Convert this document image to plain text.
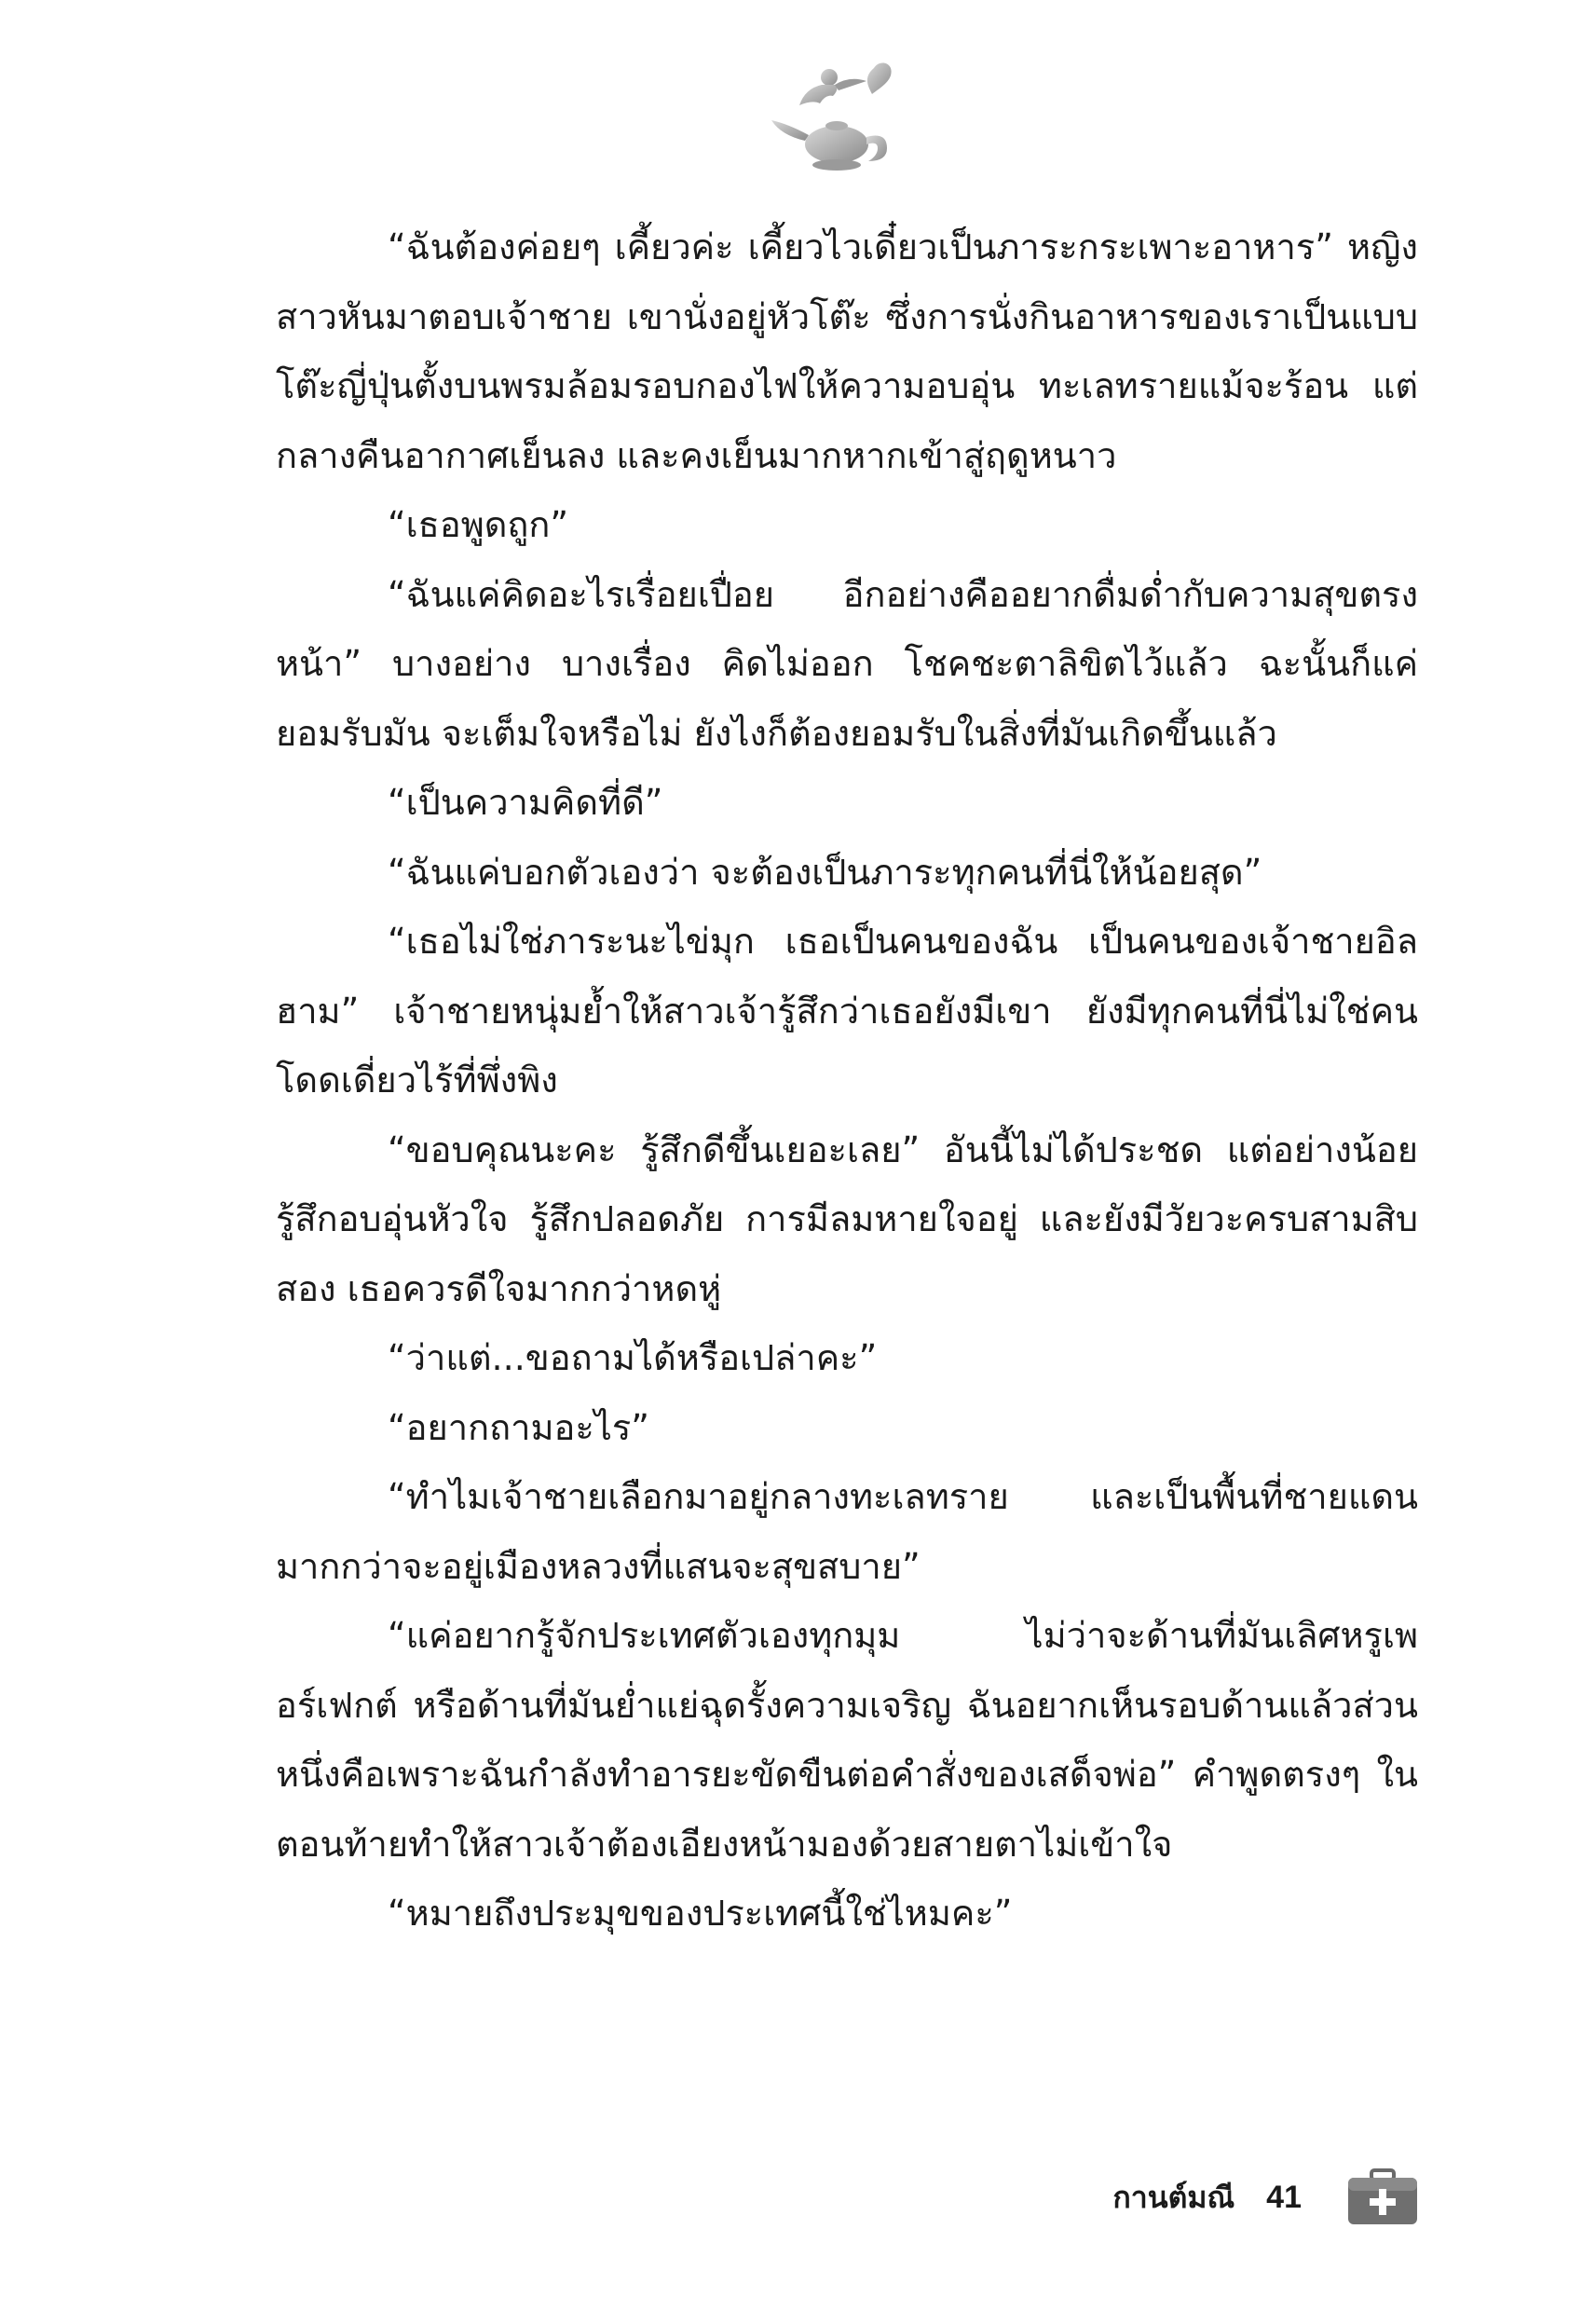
“ฉันต้องค่อยๆ เคี้ยวค่ะ เคี้ยวไวเดี๋ยวเป็นภาระกระเพาะอาหาร” หญิงสาวหันมาตอบเจ้าชาย เขานั่งอยู่หัวโต๊ะ ซึ่งการนั่งกินอาหารของเราเป็นแบบโต๊ะญี่ปุ่นตั้งบนพรมล้อมรอบกองไฟให้ความอบอุ่น ทะเลทรายแม้จะร้อน แต่กลางคืนอากาศเย็นลง และคงเย็นมากหากเข้าสู่ฤดูหนาว

“เธอพูดถูก”

“ฉันแค่คิดอะไรเรื่อยเปื่อย อีกอย่างคืออยากดื่มด่ำกับความสุขตรงหน้า” บางอย่าง บางเรื่อง คิดไม่ออก โชคชะตาลิขิตไว้แล้ว ฉะนั้นก็แค่ยอมรับมัน จะเต็มใจหรือไม่ ยังไงก็ต้องยอมรับในสิ่งที่มันเกิดขึ้นแล้ว

“เป็นความคิดที่ดี”

“ฉันแค่บอกตัวเองว่า จะต้องเป็นภาระทุกคนที่นี่ให้น้อยสุด”

“เธอไม่ใช่ภาระนะไข่มุก เธอเป็นคนของฉัน เป็นคนของเจ้าชายอิลฮาม” เจ้าชายหนุ่มย้ำให้สาวเจ้ารู้สึกว่าเธอยังมีเขา ยังมีทุกคนที่นี่ไม่ใช่คนโดดเดี่ยวไร้ที่พึ่งพิง

“ขอบคุณนะคะ รู้สึกดีขึ้นเยอะเลย” อันนี้ไม่ได้ประชด แต่อย่างน้อยรู้สึกอบอุ่นหัวใจ รู้สึกปลอดภัย การมีลมหายใจอยู่ และยังมีวัยวะครบสามสิบสอง เธอควรดีใจมากกว่าหดหู่

“ว่าแต่...ขอถามได้หรือเปล่าคะ”

“อยากถามอะไร”

“ทำไมเจ้าชายเลือกมาอยู่กลางทะเลทราย และเป็นพื้นที่ชายแดนมากกว่าจะอยู่เมืองหลวงที่แสนจะสุขสบาย”

“แค่อยากรู้จักประเทศตัวเองทุกมุม ไม่ว่าจะด้านที่มันเลิศหรูเพอร์เฟกต์ หรือด้านที่มันย่ำแย่ฉุดรั้งความเจริญ ฉันอยากเห็นรอบด้านแล้วส่วนหนึ่งคือเพราะฉันกำลังทำอารยะขัดขืนต่อคำสั่งของเสด็จพ่อ” คำพูดตรงๆ ในตอนท้ายทำให้สาวเจ้าต้องเอียงหน้ามองด้วยสายตาไม่เข้าใจ

“หมายถึงประมุขของประเทศนี้ใช่ไหมคะ”

กานต์มณี 41
